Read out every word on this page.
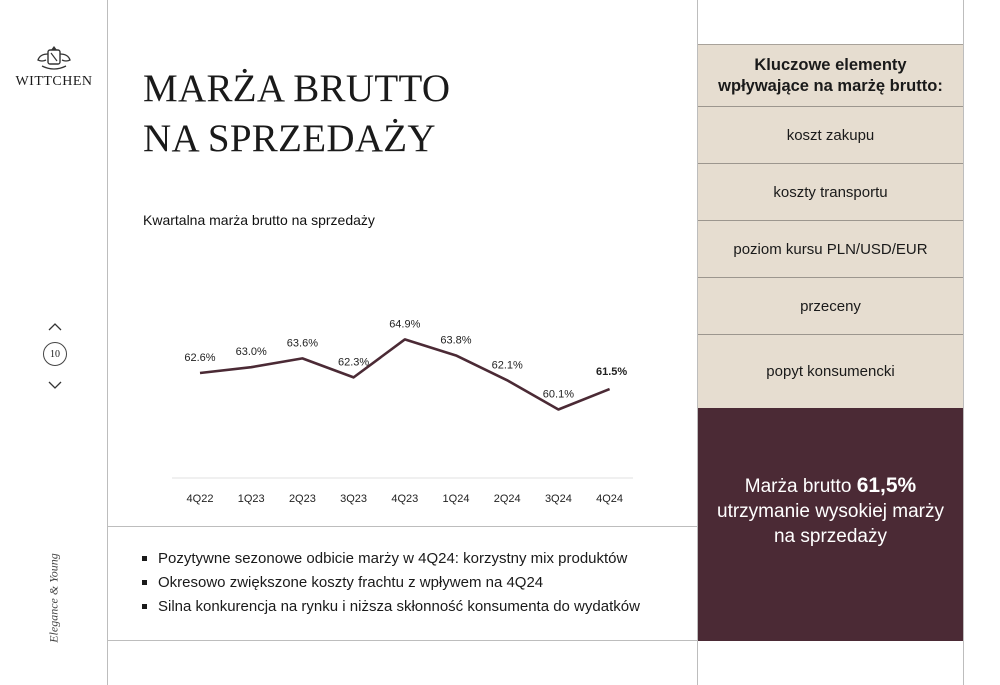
WITTCHEN
10
Elegance & Young
MARŻA BRUTTO
NA SPRZEDAŻY
Kwartalna marża brutto na sprzedaży
62.6%
4Q22
63.0%
1Q23
63.6%
2Q23
62.3%
3Q23
64.9%
4Q23
63.8%
1Q24
62.1%
2Q24
60.1%
3Q24
61.5%
4Q24
Pozytywne sezonowe odbicie marży w 4Q24: korzystny mix produktów
Okresowo zwiększone koszty frachtu z wpływem na 4Q24
Silna konkurencja na rynku i niższa skłonność konsumenta do wydatków
Kluczowe elementy
wpływające na marżę brutto:
koszt zakupu
koszty transportu
poziom kursu PLN/USD/EUR
przeceny
popyt konsumencki
Marża brutto 61,5%
utrzymanie wysokiej marży
na sprzedaży
